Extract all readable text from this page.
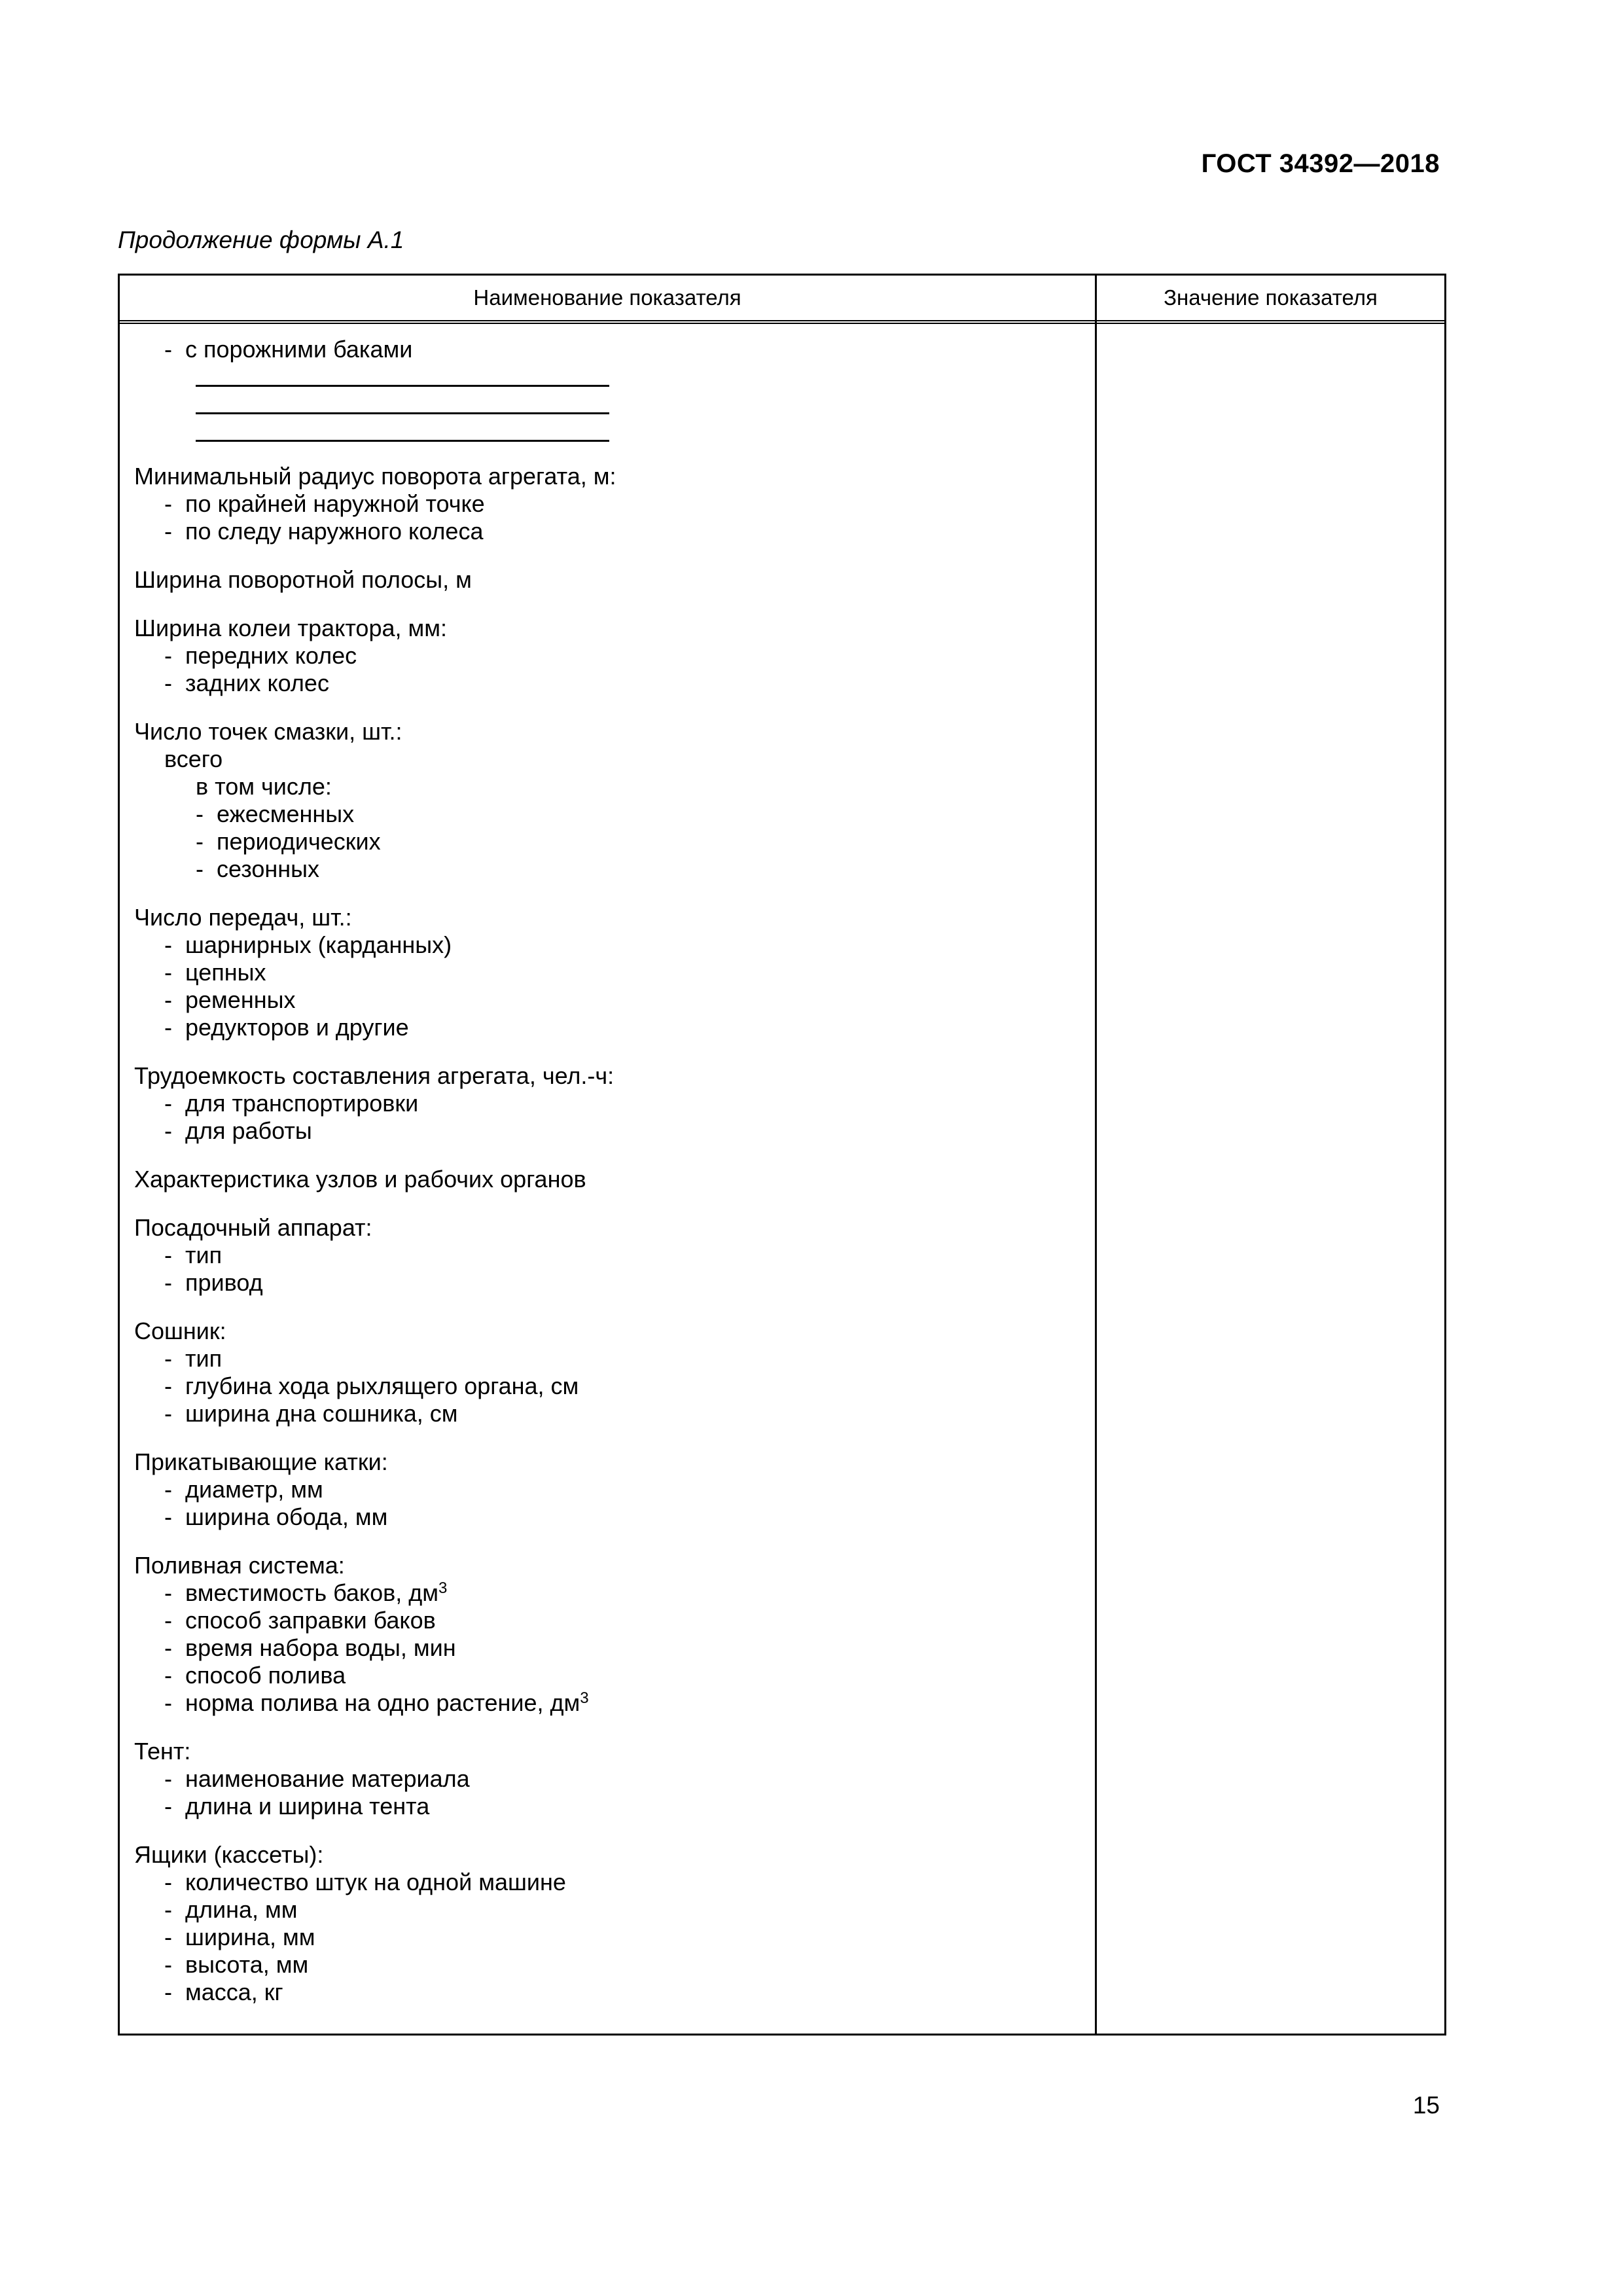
ГОСТ 34392—2018
Продолжение формы А.1
Наименование показателя	Значение показателя
- с порожними баками
Минимальный радиус поворота агрегата, м:
- по крайней наружной точке
- по следу наружного колеса
Ширина поворотной полосы, м
Ширина колеи трактора, мм:
- передних колес
- задних колес
Число точек смазки, шт.:
всего
в том числе:
- ежесменных
- периодических
- сезонных
Число передач, шт.:
- шарнирных (карданных)
- цепных
- ременных
- редукторов и другие
Трудоемкость составления агрегата, чел.-ч:
- для транспортировки
- для работы
Характеристика узлов и рабочих органов
Посадочный аппарат:
- тип
- привод
Сошник:
- тип
- глубина хода рыхлящего органа, см
- ширина дна сошника, см
Прикатывающие катки:
- диаметр, мм
- ширина обода, мм
Поливная система:
- вместимость баков, $дм^3$
- способ заправки баков
- время набора воды, мин
- способ полива
- норма полива на одно растение, $дм^3$
Тент:
- наименование материала
- длина и ширина тента
Ящики (кассеты):
- количество штук на одной машине
- длина, мм
- ширина, мм
- высота, мм
- масса, кг
15
